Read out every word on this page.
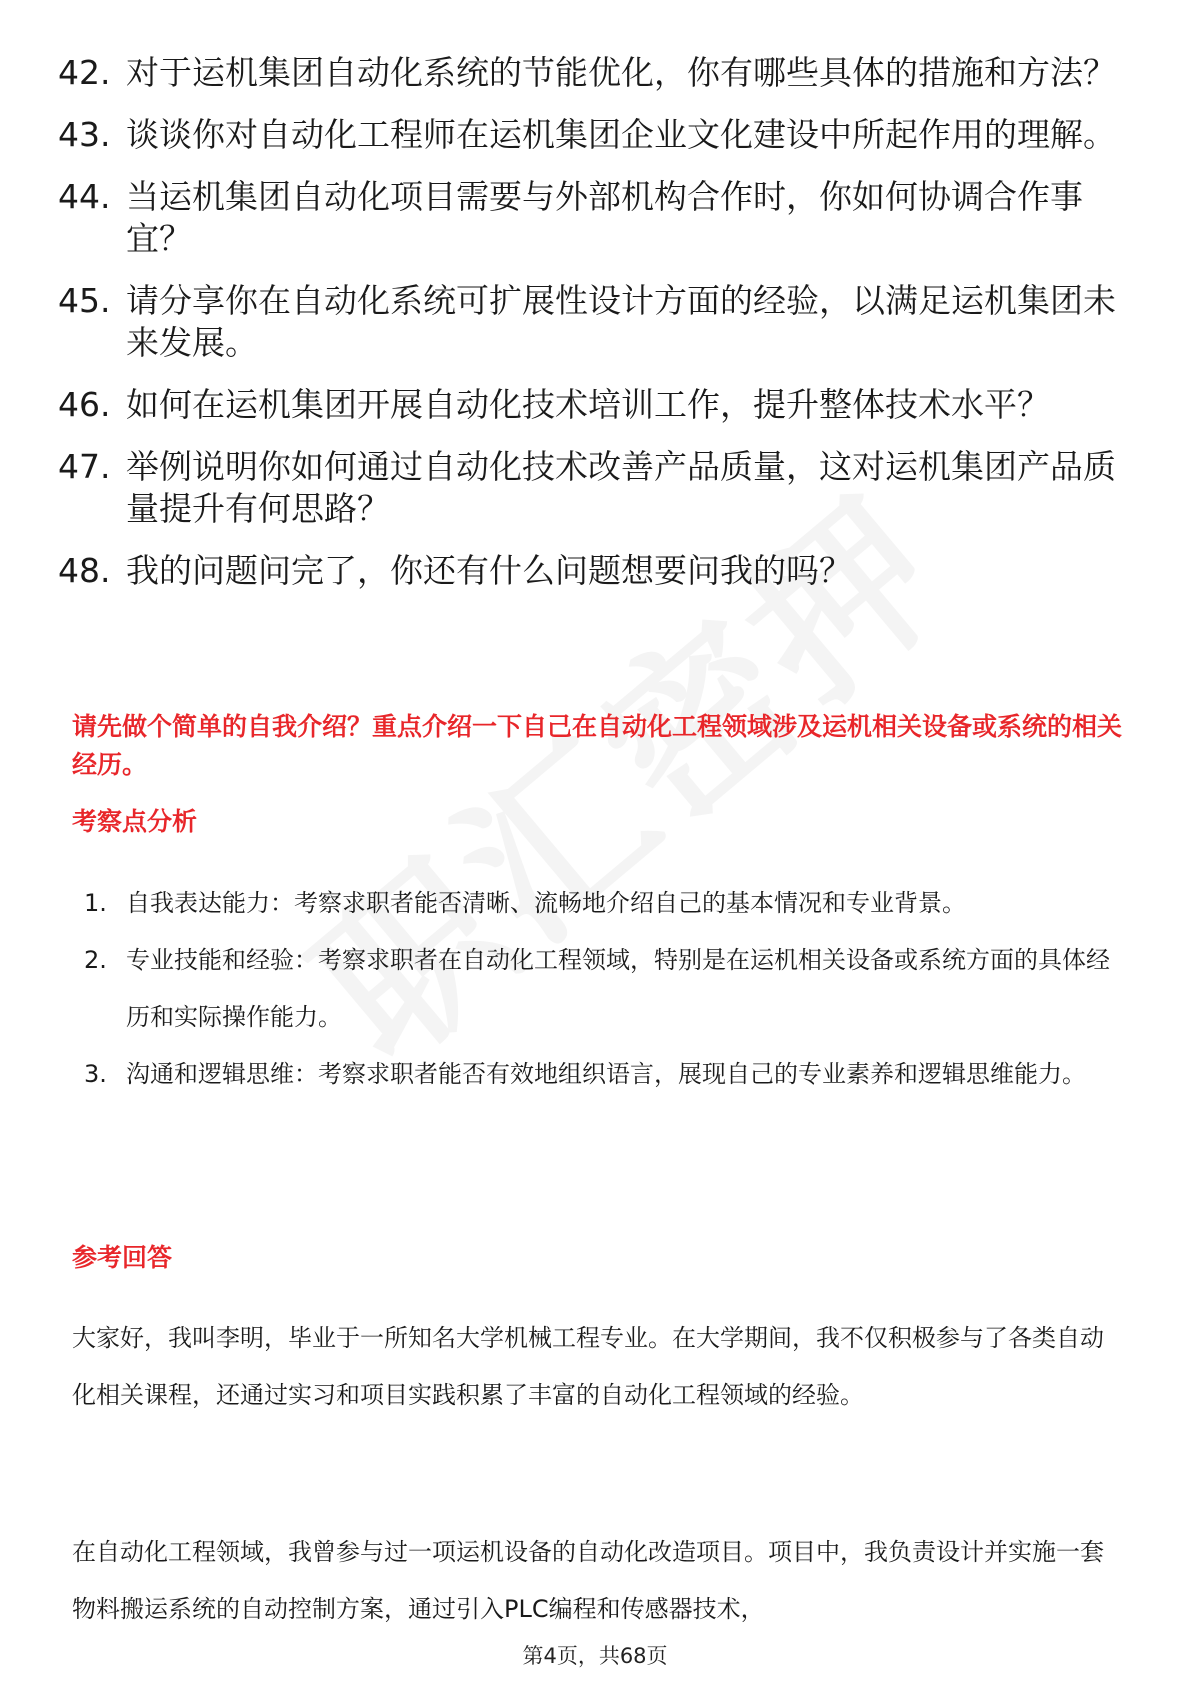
42. 对于运机集团自动化系统的节能优化，你有哪些具体的措施和方法？
43. 谈谈你对自动化工程师在运机集团企业文化建设中所起作用的理解。
44. 当运机集团自动化项目需要与外部机构合作时，你如何协调合作事宜？
45. 请分享你在自动化系统可扩展性设计方面的经验，以满足运机集团未来发展。
46. 如何在运机集团开展自动化技术培训工作，提升整体技术水平？
47. 举例说明你如何通过自动化技术改善产品质量，这对运机集团产品质量提升有何思路？
48. 我的问题问完了，你还有什么问题想要问我的吗？
请先做个简单的自我介绍？重点介绍一下自己在自动化工程领域涉及运机相关设备或系统的相关经历。
考察点分析
1. 自我表达能力：考察求职者能否清晰、流畅地介绍自己的基本情况和专业背景。
2. 专业技能和经验：考察求职者在自动化工程领域，特别是在运机相关设备或系统方面的具体经历和实际操作能力。
3. 沟通和逻辑思维：考察求职者能否有效地组织语言，展现自己的专业素养和逻辑思维能力。
参考回答

大家好，我叫李明，毕业于一所知名大学机械工程专业。在大学期间，我不仅积极参与了各类自动化相关课程，还通过实习和项目实践积累了丰富的自动化工程领域的经验。

在自动化工程领域，我曾参与过一项运机设备的自动化改造项目。项目中，我负责设计并实施一套物料搬运系统的自动控制方案，通过引入PLC编程和传感器技术，

第4页，共68页
